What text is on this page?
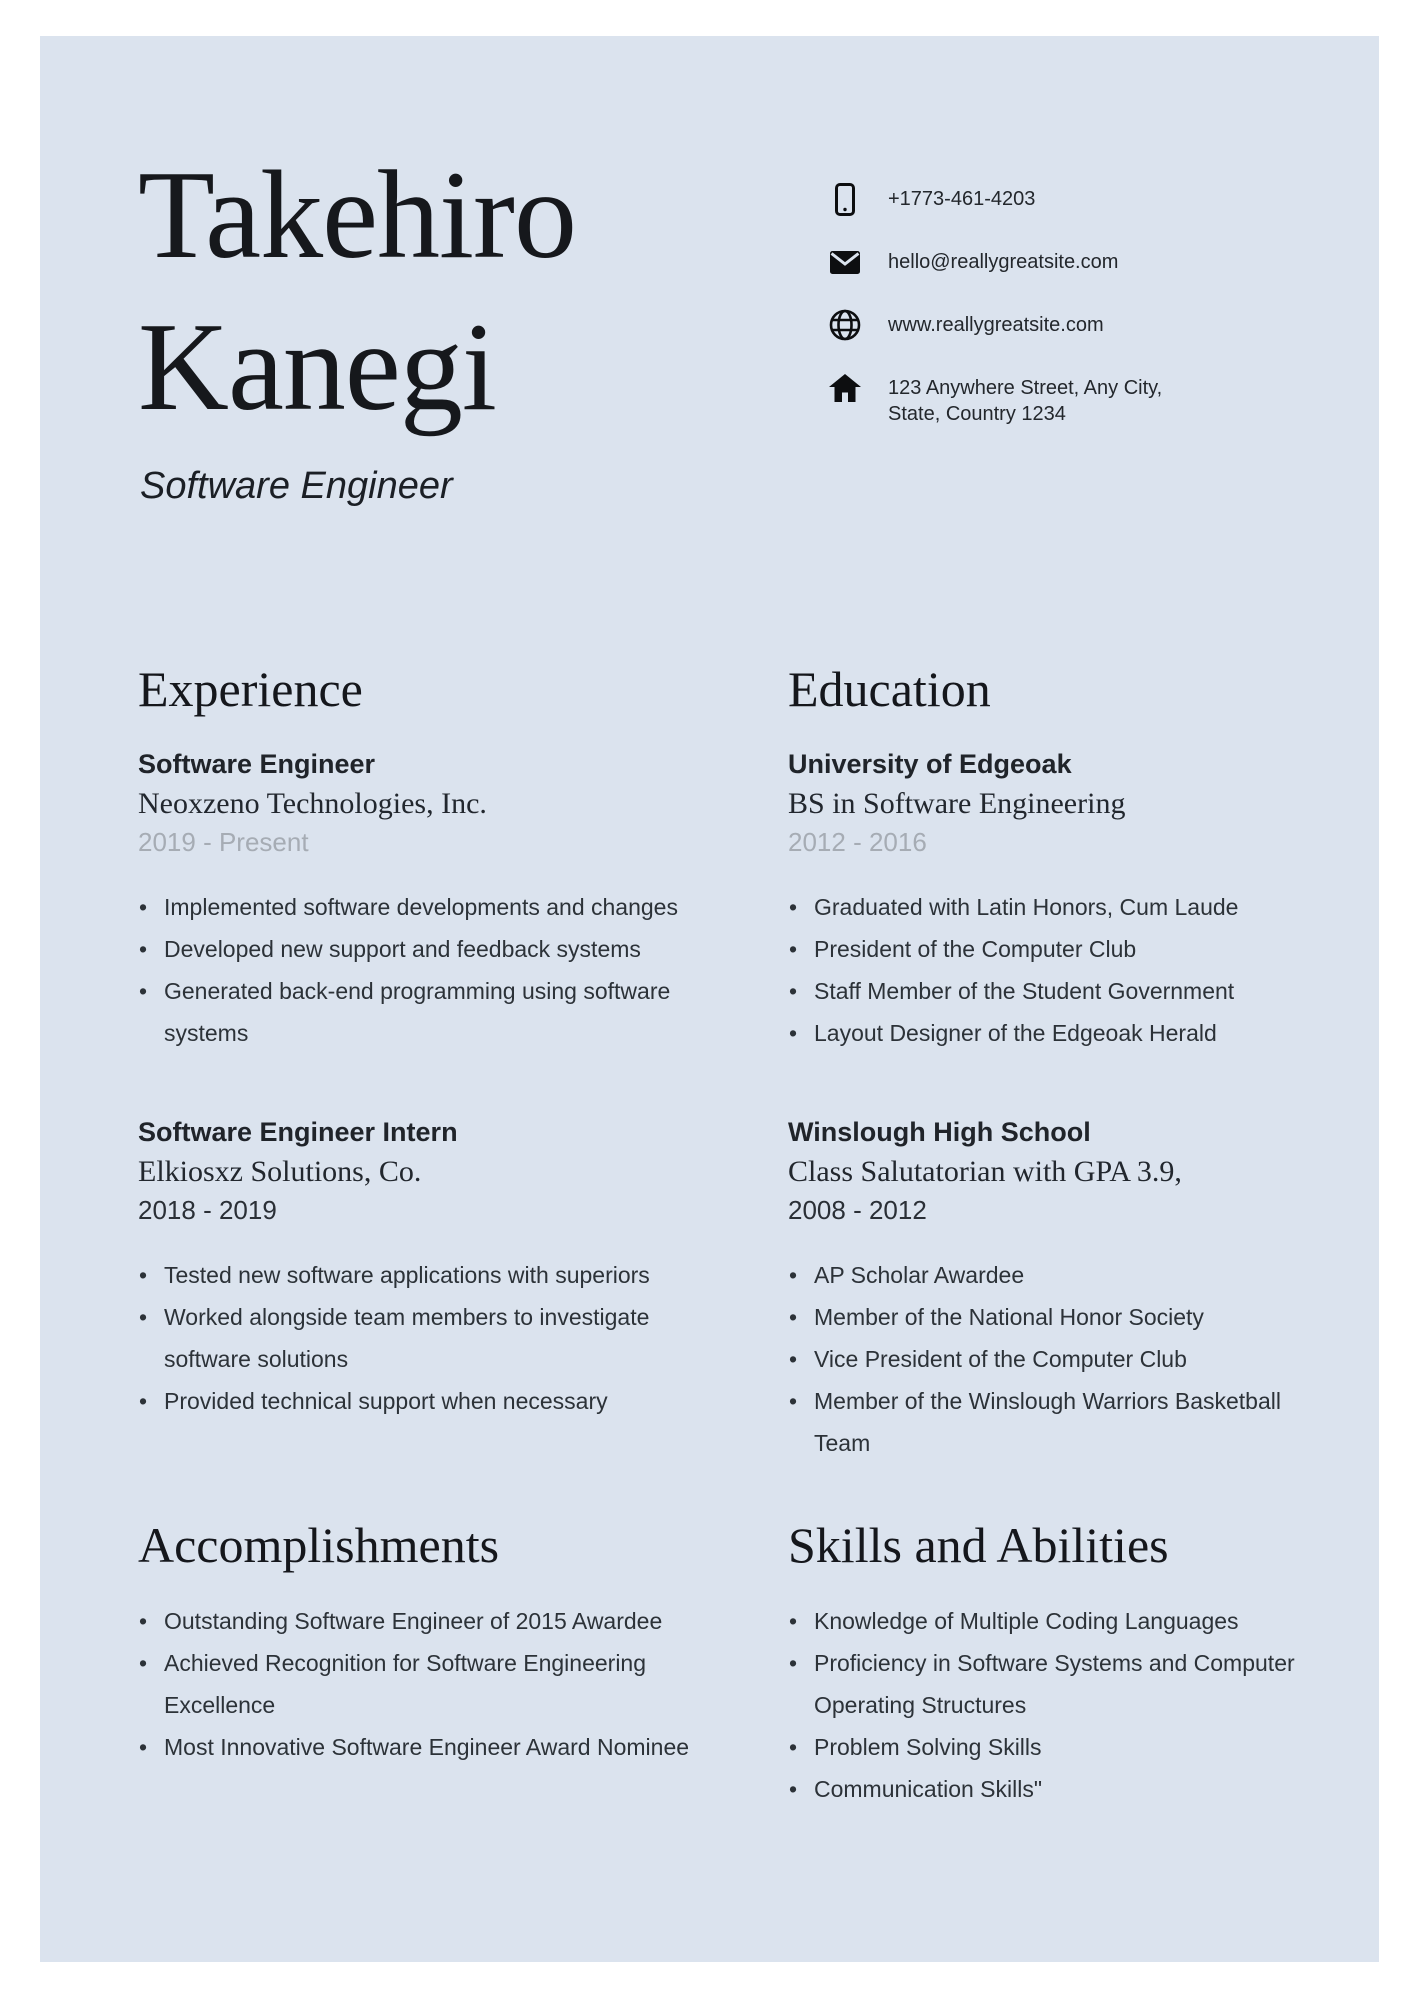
Takehiro Kanegi

Software Engineer

+1773-461-4203
hello@reallygreatsite.com
www.reallygreatsite.com
123 Anywhere Street, Any City, State, Country 1234
Experience

Software Engineer

Neoxzeno Technologies, Inc.

2019 - Present

• Implemented software developments and changes
• Developed new support and feedback systems
• Generated back-end programming using software systems

Software Engineer Intern

Elkiosxz Solutions, Co.

2018 - 2019

• Tested new software applications with superiors
• Worked alongside team members to investigate software solutions
• Provided technical support when necessary
Education

University of Edgeoak

BS in Software Engineering

2012 - 2016

• Graduated with Latin Honors, Cum Laude
• President of the Computer Club
• Staff Member of the Student Government
• Layout Designer of the Edgeoak Herald

Winslough High School

Class Salutatorian with GPA 3.9,

2008 - 2012

• AP Scholar Awardee
• Member of the National Honor Society
• Vice President of the Computer Club
• Member of the Winslough Warriors Basketball Team
Accomplishments
• Outstanding Software Engineer of 2015 Awardee
• Achieved Recognition for Software Engineering Excellence
• Most Innovative Software Engineer Award Nominee
Skills and Abilities
• Knowledge of Multiple Coding Languages
• Proficiency in Software Systems and Computer Operating Structures
• Problem Solving Skills
• Communication Skills"
